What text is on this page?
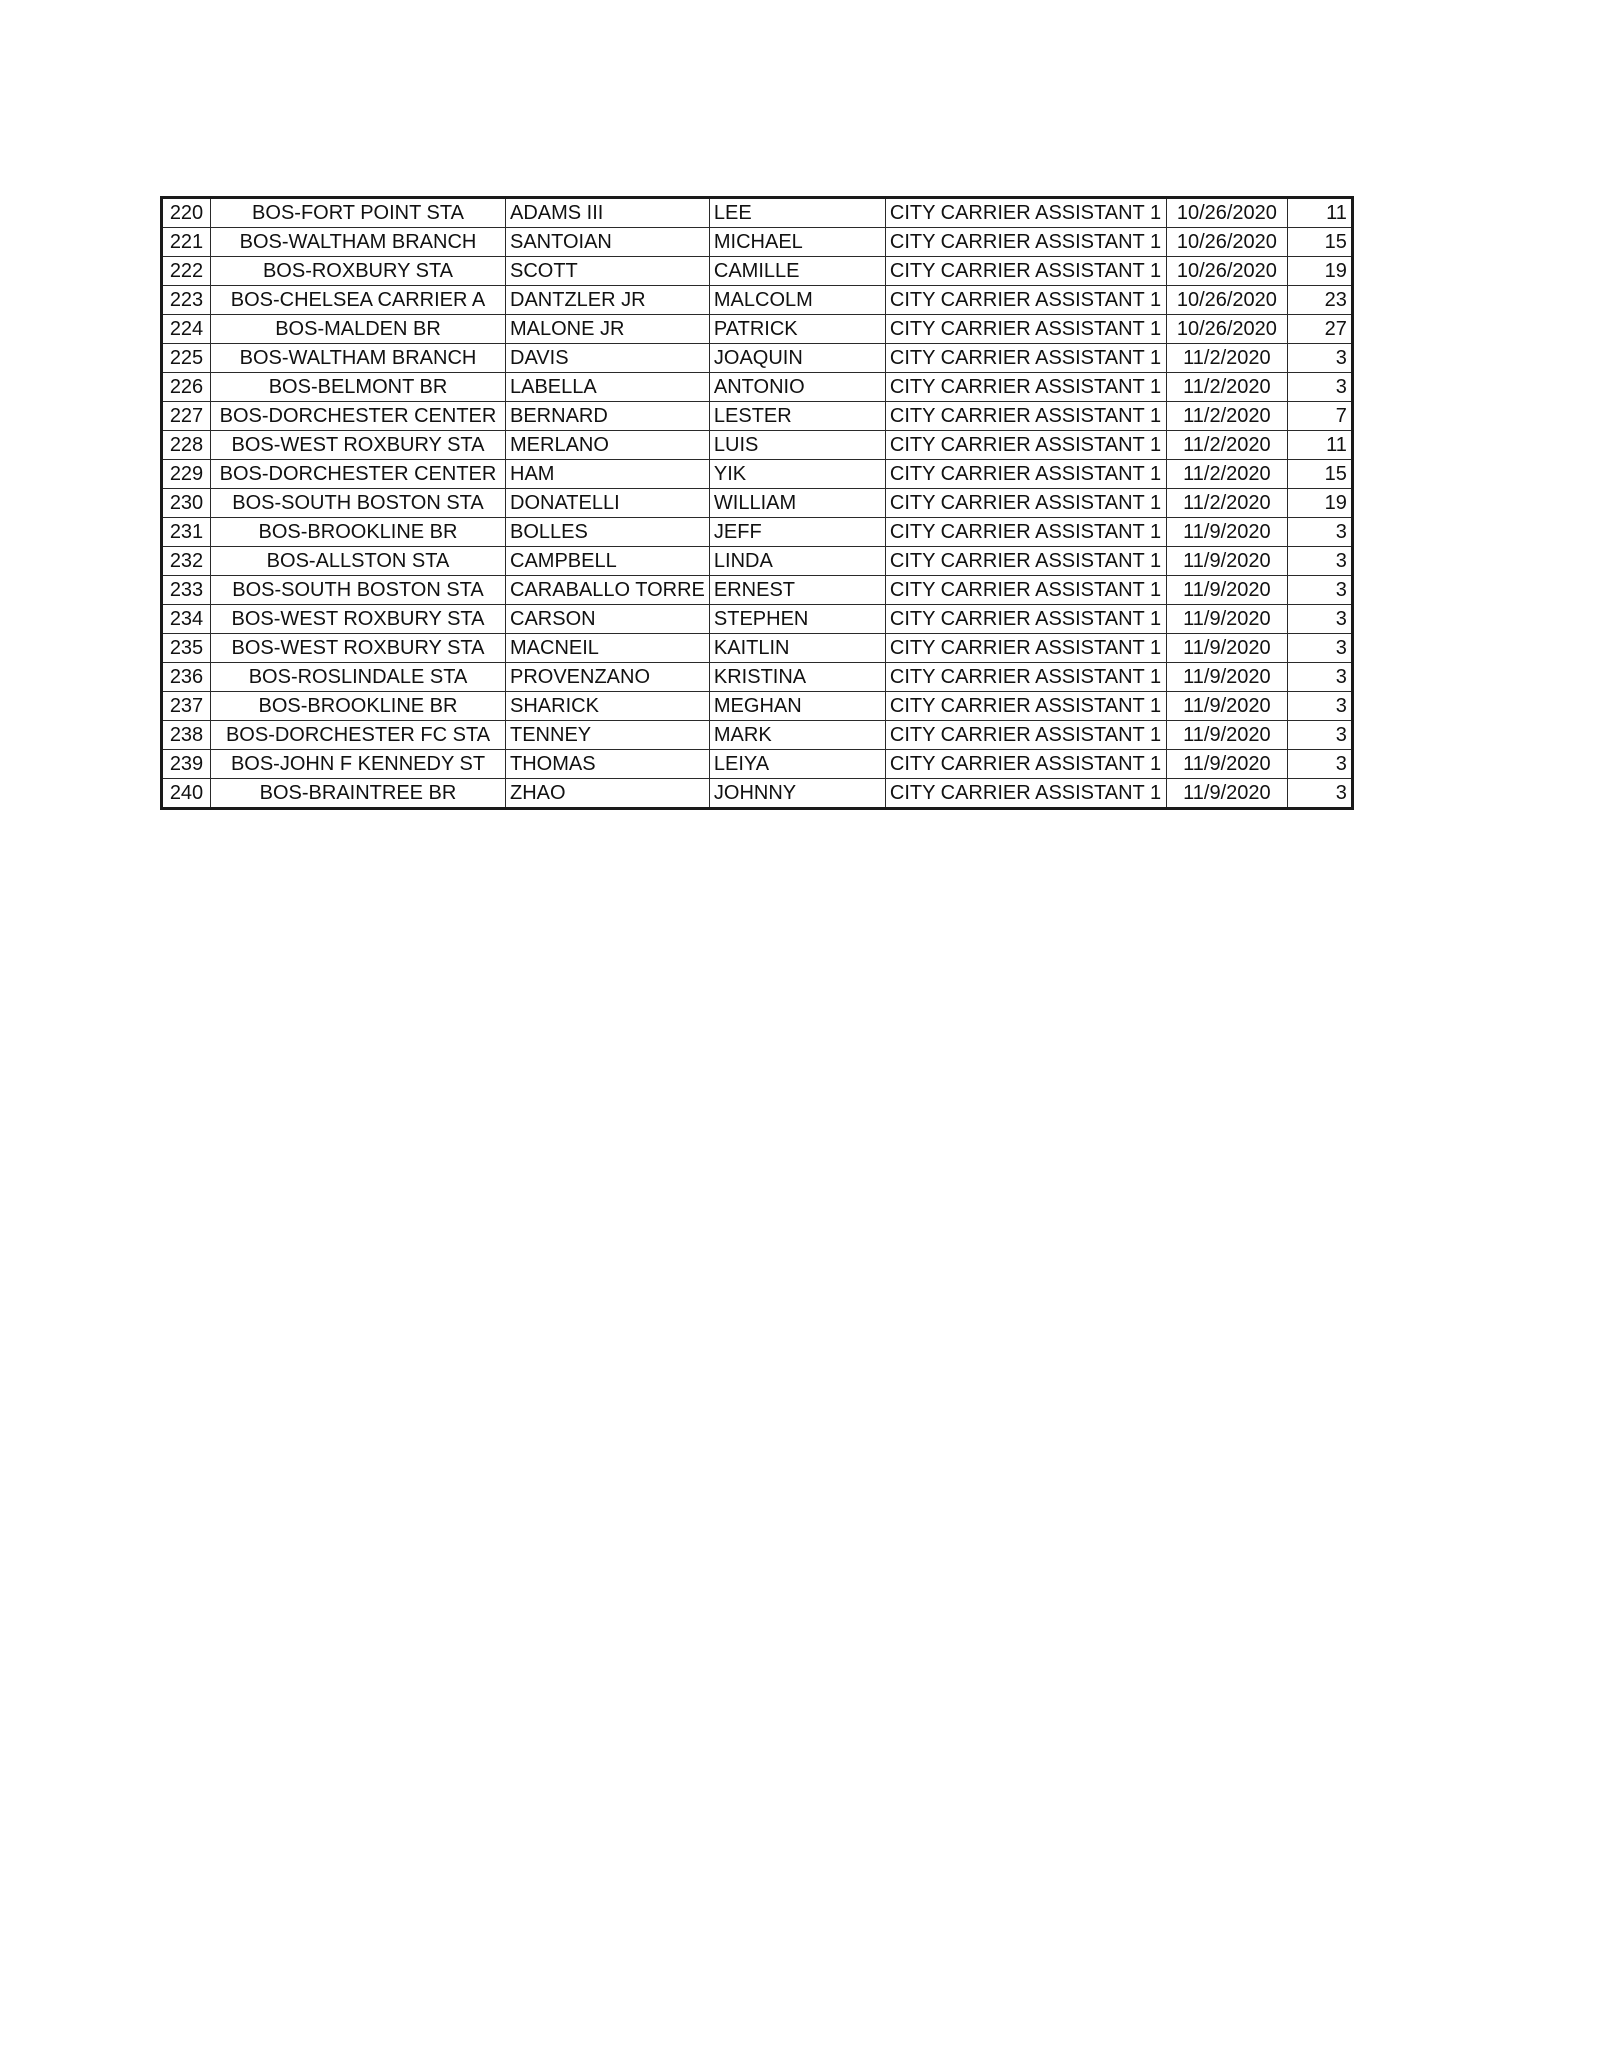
220	BOS-FORT POINT STA	ADAMS III	LEE	CITY CARRIER ASSISTANT 1	10/26/2020	11
221	BOS-WALTHAM BRANCH	SANTOIAN	MICHAEL	CITY CARRIER ASSISTANT 1	10/26/2020	15
222	BOS-ROXBURY STA	SCOTT	CAMILLE	CITY CARRIER ASSISTANT 1	10/26/2020	19
223	BOS-CHELSEA CARRIER A	DANTZLER JR	MALCOLM	CITY CARRIER ASSISTANT 1	10/26/2020	23
224	BOS-MALDEN BR	MALONE JR	PATRICK	CITY CARRIER ASSISTANT 1	10/26/2020	27
225	BOS-WALTHAM BRANCH	DAVIS	JOAQUIN	CITY CARRIER ASSISTANT 1	11/2/2020	3
226	BOS-BELMONT BR	LABELLA	ANTONIO	CITY CARRIER ASSISTANT 1	11/2/2020	3
227	BOS-DORCHESTER CENTER	BERNARD	LESTER	CITY CARRIER ASSISTANT 1	11/2/2020	7
228	BOS-WEST ROXBURY STA	MERLANO	LUIS	CITY CARRIER ASSISTANT 1	11/2/2020	11
229	BOS-DORCHESTER CENTER	HAM	YIK	CITY CARRIER ASSISTANT 1	11/2/2020	15
230	BOS-SOUTH BOSTON STA	DONATELLI	WILLIAM	CITY CARRIER ASSISTANT 1	11/2/2020	19
231	BOS-BROOKLINE BR	BOLLES	JEFF	CITY CARRIER ASSISTANT 1	11/9/2020	3
232	BOS-ALLSTON STA	CAMPBELL	LINDA	CITY CARRIER ASSISTANT 1	11/9/2020	3
233	BOS-SOUTH BOSTON STA	CARABALLO TORRE	ERNEST	CITY CARRIER ASSISTANT 1	11/9/2020	3
234	BOS-WEST ROXBURY STA	CARSON	STEPHEN	CITY CARRIER ASSISTANT 1	11/9/2020	3
235	BOS-WEST ROXBURY STA	MACNEIL	KAITLIN	CITY CARRIER ASSISTANT 1	11/9/2020	3
236	BOS-ROSLINDALE STA	PROVENZANO	KRISTINA	CITY CARRIER ASSISTANT 1	11/9/2020	3
237	BOS-BROOKLINE BR	SHARICK	MEGHAN	CITY CARRIER ASSISTANT 1	11/9/2020	3
238	BOS-DORCHESTER FC STA	TENNEY	MARK	CITY CARRIER ASSISTANT 1	11/9/2020	3
239	BOS-JOHN F KENNEDY ST	THOMAS	LEIYA	CITY CARRIER ASSISTANT 1	11/9/2020	3
240	BOS-BRAINTREE BR	ZHAO	JOHNNY	CITY CARRIER ASSISTANT 1	11/9/2020	3
